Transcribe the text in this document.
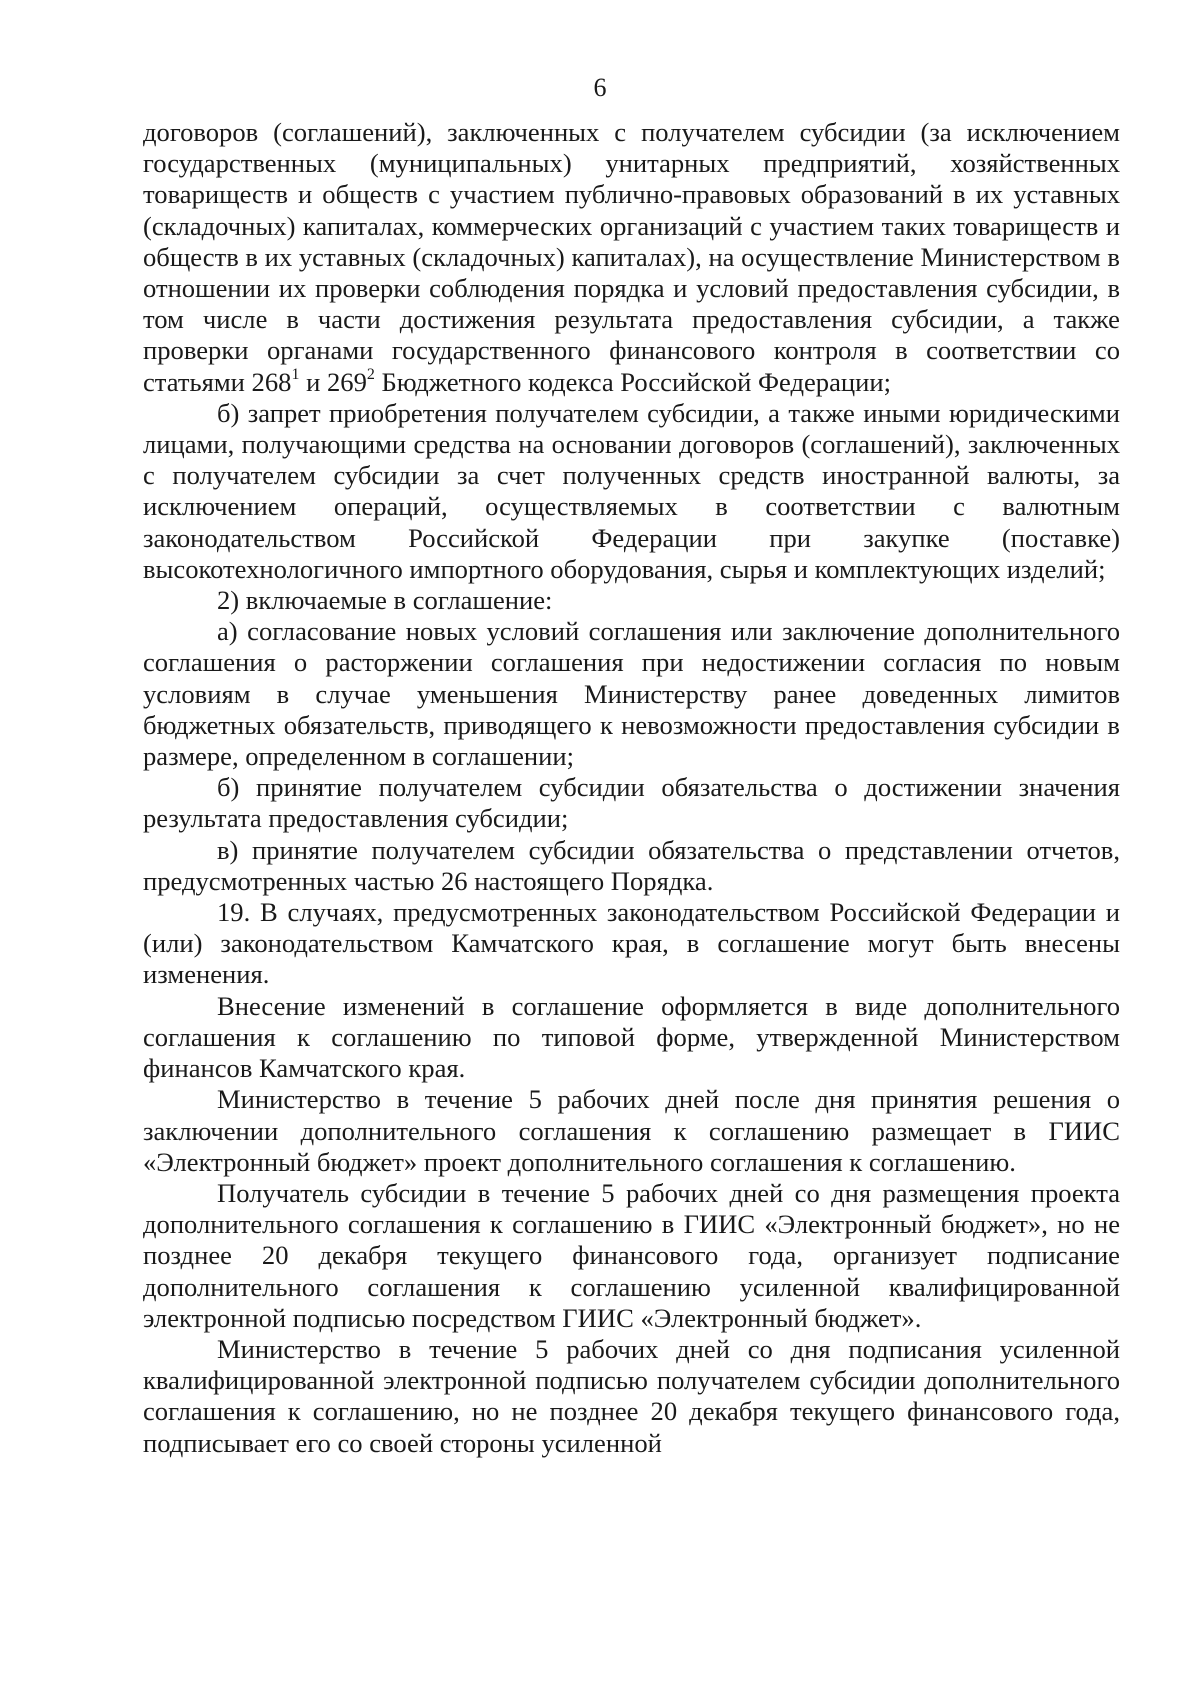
6

договоров (соглашений), заключенных с получателем субсидии (за исключением государственных (муниципальных) унитарных предприятий, хозяйственных товариществ и обществ с участием публично-правовых образований в их уставных (складочных) капиталах, коммерческих организаций с участием таких товариществ и обществ в их уставных (складочных) капиталах), на осуществление Министерством в отношении их проверки соблюдения порядка и условий предоставления субсидии, в том числе в части достижения результата предоставления субсидии, а также проверки органами государственного финансового контроля в соответствии со статьями $268^1$ и $269^2$ Бюджетного кодекса Российской Федерации;

б) запрет приобретения получателем субсидии, а также иными юридическими лицами, получающими средства на основании договоров (соглашений), заключенных с получателем субсидии за счет полученных средств иностранной валюты, за исключением операций, осуществляемых в соответствии с валютным законодательством Российской Федерации при закупке (поставке) высокотехнологичного импортного оборудования, сырья и комплектующих изделий;

2) включаемые в соглашение:

а) согласование новых условий соглашения или заключение дополнительного соглашения о расторжении соглашения при недостижении согласия по новым условиям в случае уменьшения Министерству ранее доведенных лимитов бюджетных обязательств, приводящего к невозможности предоставления субсидии в размере, определенном в соглашении;

б) принятие получателем субсидии обязательства о достижении значения результата предоставления субсидии;

в) принятие получателем субсидии обязательства о представлении отчетов, предусмотренных частью 26 настоящего Порядка.

19. В случаях, предусмотренных законодательством Российской Федерации и (или) законодательством Камчатского края, в соглашение могут быть внесены изменения.

Внесение изменений в соглашение оформляется в виде дополнительного соглашения к соглашению по типовой форме, утвержденной Министерством финансов Камчатского края.

Министерство в течение 5 рабочих дней после дня принятия решения о заключении дополнительного соглашения к соглашению размещает в ГИИС «Электронный бюджет» проект дополнительного соглашения к соглашению.

Получатель субсидии в течение 5 рабочих дней со дня размещения проекта дополнительного соглашения к соглашению в ГИИС «Электронный бюджет», но не позднее 20 декабря текущего финансового года, организует подписание дополнительного соглашения к соглашению усиленной квалифицированной электронной подписью посредством ГИИС «Электронный бюджет».

Министерство в течение 5 рабочих дней со дня подписания усиленной квалифицированной электронной подписью получателем субсидии дополнительного соглашения к соглашению, но не позднее 20 декабря текущего финансового года, подписывает его со своей стороны усиленной
